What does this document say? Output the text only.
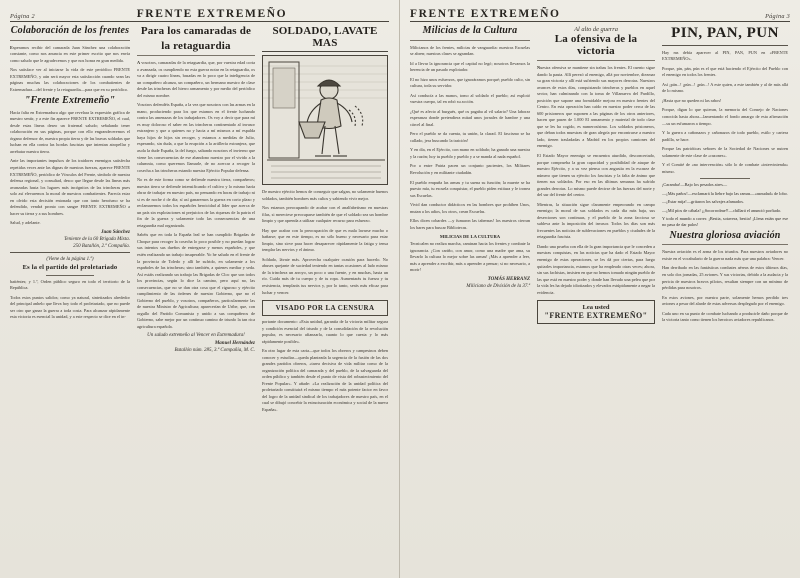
Página 2	FRENTE EXTREMEÑO
Colaboración de los frentes

Esperamos recibir del camarada Juan Sánchez una colaboración constante, como nos anuncia en este primer escrito que nos envía como saludo que le agradecemos y que nos honra en gran medida.

Nos satisface ver al iniciarse la vida de este periódico FRENTE EXTREMEÑO, y aún será mayor esta satisfacción cuando sean las páginas muchas las colaboraciones de los combatientes de Extremadura—del frente y la retaguardia—para que en su periódico.

"Frente Extremeño"

Hacía falta en Extremadura algo que revelara la expresión gráfica de nuestro sentir, y a este fin aparece FRENTE EXTREMEÑO, el cual, desde estas líneas deseo un fraternal saludo; señalando tener colaboración en sus páginas, porque con ello engrandeceremos el órgano defensor de, nuestra propia tierra y de las bravas soldadas que luchan en ella contra las hordas fascistas que intentan atropellar y arrebatar nuestra tierra.

Ante las importantes impulsos de los traidores enemigos satisfecha repetidas veces ante las dignas de nuestras fuerzas, aparece FRENTE EXTREMEÑO, periódico de Vínculos del Frente, símbolo de nuestra defensa regional, y consultad, desco que llegue desde las líneas más avanzadas hasta los lugares más incógnitos de las trincheras pues solo así elevaremos la moral de nuestros combatientes. Parecía estar en olvido esta decisión entonada que con tanto heroísmo se ha defendido, vendrá pronto con sangre FRENTE EXTREMEÑO a hacer su tierra y a sus hombres.

Salud, y adelante.

Juan Sánchez

Teniente de la 60 Brigada Mixta.

250 Batallón, 2.ª Compañía.

(Viene de la página 1.º)

Es la el partido del proletariado

batiéntes; y 1.º, Orden público seguro en todo el territorio de la República.

Todos estos puntos salidos; como ya natural, sintetizados alrededor del principal anhelo que lleva hoy todo el proletariado, que no puede ser otro que ganar la guerra a toda costa. Para alcanzar rápidamente esta victoria es esencial la unidad, y a este respecto se dice en el in-

Para los camaradas de
la retaguardia

A vosotros, camaradas de la retaguardia, que, por vuestra edad corta o avanzada, os cumpliendo no esta guerra notar en la retaguardia, os va a dirigir cuatro líneas, basadas en lo poco que la inteligencia de un compañero alcanza, un compañero, un hermano nuestro de clase desde las trincheras del hierro armamento y por medio del periódico del mismo nombre.

Vosotros defendéis España, a la vez que nosotros con las armas en la mano, produciendo para los que estamos en el frente luchando contra las amenazas de los trabajadores. Os voy a decir que para mí es muy doloroso el saber en las trincheras continentado al invasor extranjero y que a quienes no y hacia a mí mismos a mí espalda haya hijos de hijos sin recoger, y estamos a medidas de Julio, esperando, sin duda, a que la erupción a la artillería extranjera, que asola la dude España, la del fuego, saltando nosotros el invierno que viene los consecuencias de ese abandono nuestro por el vivido a la calumnia, como queremos llamarle, de no acercar a recoger la cosecha a las trincheras estando nuestra Ejército Popular defensa.

No es de este forma como se defiende nuestra tierra, compañeros; nuestra tierra se defiende intensificando el cultivo y lo mismo haría obrar de trabajar en nuestro país, no pensando en horas de trabajo ni si es de noche ó de día; sí así ganaremos la guerra en corto plazo y reclamaremos todos los españoles heroicidad al líder que acerca de un país sin explotaciones ni prejuicios de las riquezas de la patria el fin de la guerra y solamente todo las consecuencias de una retaguardia mal organizada.

Sabéis que en toda la España leal se han cumplido Brigadas de Choque para recoger la cosecha lo poco posible y no puedan lograr sus intentos sus dueños de entregarse y menos españoles, y que estén realizando un trabajo insuperable. Yo he saludo en el frente de la provincia de Toledo y allí he sufrido, en solamente a los españoles de las trincheras; sino también, a quienes mediar y seda. Así estáis realizando un trabajo las Brigadas de Cloc que son todos los provincias, según lo dice la camino, pero aquí no, las consecuencias, que no se dan otra cosa que el riguroso y ejército cumplimiento de las órdenes de nuestro Gobierno, que no el Gobierno del pueblo, y vosotros, compañeros, particularmente las de nuestra Ministro de Agricultura; aparecerían de Uribe, que, con orgullo del Partido Comunista y unido a sus compañeros de Gobierno, sabe mejor por un continuo camino de triunfo la tan rica agricultura española.

Un saludo extremeño al Vencer en Extremadura!

Manuel Hernández

Batallón núm. 285, 3.ª Compañía, M. C.

SOLDADO, LAVATE MAS

De nuestro ejército hemos de conseguir que salgan, no solamente buenos soldados, también hombres más cultos y sabiendo vivir mejor.

Nos estamos preocupando de acabar con el analfabetismo en nuestras filas, si mereciese preocuparse también de que el soldado sea un hombre limpio y que aprenda a utilizar cualquier recurso para esfuerzo.

Hay que acabar con la preocupación de que es mala lavarse mucho o bañarse; que en este tiempo, es no sólo bueno y necesario para estar limpio, sino sirve para hacer desaparecer rápidamente la fatiga y tensa templar las nervios y el ánimo.

Soldado, lávate más. Aprovecha cualquier ocasión para hacerlo. No abuses quejante de suciedad teniendo en tantas ocasiones al lado mismo de la trinchera un arroyo, un poco o una fuente, y en muchas, hasta un río. Cuida más de tu cuerpo y de tu ropa. Aumentarás tu fuerza y tu resistencia, templarás tus nervios y, por lo tanto, serás más eficaz para luchar y vencer.

VISADO POR LA CENSURA

portante documento: «Esta unidad, garantía de la victoria militar segura y condición esencial del triunfo y de la consolidación de la revolución popular, es necesario afianzarla, cuanto lo que cuesta y lo más rápidamente posible».

En otro lugar de esta carta—que todos los obreros y campesinos deben conocer y estudiar—queda planteada la urgencia de la fusión de las dos grandes partidos obreros, «tarea decisiva de vida militar como de la organización política del camarada y del pueblo, de la salvaguarda del orden público y también desde el punto de vista del robustecimiento del Frente Popular». Y añade: «La realización de la unidad política del proletariado constituirá el mismo tiempo el más potente factor en favor del logro de la unidad sindical de los trabajadores de nuestro país, en el cual se dibujó concebir la estructuración económica y social de la nueva España».

FRENTE EXTREMEÑO	Página 3
Milicias de la Cultura

Milicianos de los frentes, milicias de vanguardia: nuestras Escuelas se abren; nuestras clases se agrandan.

Id a llevar la ignorancia que el capital no legó; nosotros llevamos la herencia de un pasado explotador.

El no hizo unos esfuerzos, que ignoráramos porqué; pueblo culto, sin cultura, toda su servidor.

Así conducía a las manos, tomo al soldado el pueblo; así explotó vuestra cuerpo, tal en robó su acción.

¿Qué es afecto al burgués, qué os pagaba al vil salario? Una laborar esperanza donde pretendiera mitad unos jornales de hambre y una cárcel al final.

Pero el pueblo se da cuenta, tu unión, la clarad. El fascismo se ha callado, jera buscando la traición!

Y en día, en el Ejército, con mano en soldado; ha ganado una nuestra y la razón; hoy tu pueblo y pueblo y a se manda al nada español.

Por a entre Patria pacen un conjunto pacientes, los Militares Revolución y en militante ciudadán.

El pueblo empuña las armas y tu suena su función; la muerte se ha puesto mía, tu escuela conquistar, el pueblo piden estitura y le ironea sus Escuelas.

Vivid dan conductor didácticos en las hombres que prohíben Unos, mutan a los adios, los otros, crean Escuelas.

Ellos dicen cobardes —y fumaron las tabernas! los nuestros cierran los bares para buscar Bibliotecas.

MILICIAS DE LA CULTURA

Tecnicalen no realiza marcha, caminan hacia los frentes y combate la ignorancia. ¡Con cariño, con amor, como una madre que ama, su llevarlo la cultura lo mejor sobre las armas! ¡Más a aprender a leer, más a aprender a escribir, más a aprender a pensar; si no necesario, a morir!

TOMÁS HERRANZ

Miliciano de División de la 37.ª

Al alto de guerra

La ofensiva de la victoria

Nuestra ofensiva se mantiene sin trabas los frentes. El cuento sigue dando la pauta. Allí perezó al enemigo, allá por noviembre, diezmar su gran victoria y allí está sufriendo sus mayores derrotas. Nuestros avances de estos días, conquistando trincheras y pueblos en aquel sector, han culminando con la toma de Villanueva del Pardillo, posición que supone una formidable mejora en nuestro frentes del Centro. En esta operación han caído en nuestro poder cerca de las 600 prisioneros que suponen a las páginas de los otros anteriores, hacen que pasen de 1.000 El armamento y material de todo clase que se les ha cogido, es numerosísimo. Los soldados prisioneros, que deban todos muestras de gran alegría por encontrarse a nuestro lado, tienen trasladadas a Madrid en los propios camiones del enemigo.

El Estado Mayor enemigo se encuentra aturdido, desconcertado, porque comprueba la gran capacidad y posibilidad de ataque de nuestro Ejército, y a su vez piensa con angustia en la escasez de número que tienen su ejército los fascistas y la falta de ánimo que tienen sus soldados. Por eso en las últimas semanas ha sufrido grandes derrotas. Lo mismo puede decirse de las fuerzas del norte y del sur del frente del centro.

Mientras, la situación sigue claramente empeorando en campo enemigo; la moral de sus soldados es cada día más baja, sus deserciones son continuas, y el pueblo de la zona facciosa se subleva ante la imposición del invasor. Todos los días son más frecuentes las noticias de sublevaciones en pueblos y ciudades de la retaguardia fascista.

Dando una prueba con ella de la gran importancia que le conceden a nuestras conquistas, en las noticias que ha dado el Estado Mayor enemigo de estas operaciones, se les dá por ciertas, para luego quitarles importancia, estamos que ha empleado otras veces; ahora, sin sus fachistas, insisten en que no hemos tomado ningún pueblo de las que está en nuestro poder y donde han llevado una pelea que por la vida les ha dejado idiotizados y elevados estúpidamente a negar la evidencia.

Lea usted
"FRENTE EXTREMEÑO"
PIN, PAN, PUN

Hay ms debía aparecer al PIN, PAN, PUN en «FRENTE EXTREMEÑO».

Porque, pin, pán, pún es el que está haciendo el Ejército del Pueblo con el enemigo en todos los frentes.

Así ¡pán...! ¡pún...! ¡pún...! A este quien, a este también y al de más allá de lo mismo.

¡Hasta que no queden ni las rabos!

Porque, digan lo que quieran, la memoria del Consejo de Naciones conocida hasta ahora—lamentando el fondo amargo de esta afirmación—su un esfumaron a tiempo.

Y la guerra a cañonazos y cañonazos de todo pueblo, estilo y cartera padilla, se hace.

Porque las patrióticas señores de la Sociedad de Naciones se nutren solamente de este clase de «razones».

Y el Comité de «no intervención» sólo lo de combate «intervinienda» mismo.

¡Caramba!—Bajo los pesados aires—

—¡Más paños!—exclamará la liebre bajo las ramas—«asnudad» de lobo.

—¡Estar mija!—gritaron los salvajes afamados.

—¡Mil píos de cábala! ¡¡Socorrodme!!—chillará el anunció porfiado.

Y todo el mundo a correr. ¡Bestia, sotavera, bestia! ¡Llena están que ese no pasa de dar palos!

Nuestra gloriosa aviación

Nuestra aviación es el arma de los triunfos. Para nuestros aviadores no existe en el vocabulario de la guerra nada más que una palabra: Vencer.

Han derribado en las fantásticas combates aéreas de estos últimos días, en solo dos jornadas, 25 aviones. Y sus victorias, debido a la audacia y la pericia de nuestros bravos pilotos, resultan siempre con un mínimo de pérdidas para nosotros.

En estos aviones, por nuestra parte, solamente hemos perdido tres aviones a pesar del alarde de estas adversas desplegado por el enemigo.

Cada uno en su punto de combate luchando a producirle daño porque de la victoria tanto como tienen los heroicos aviadores republicanos.
